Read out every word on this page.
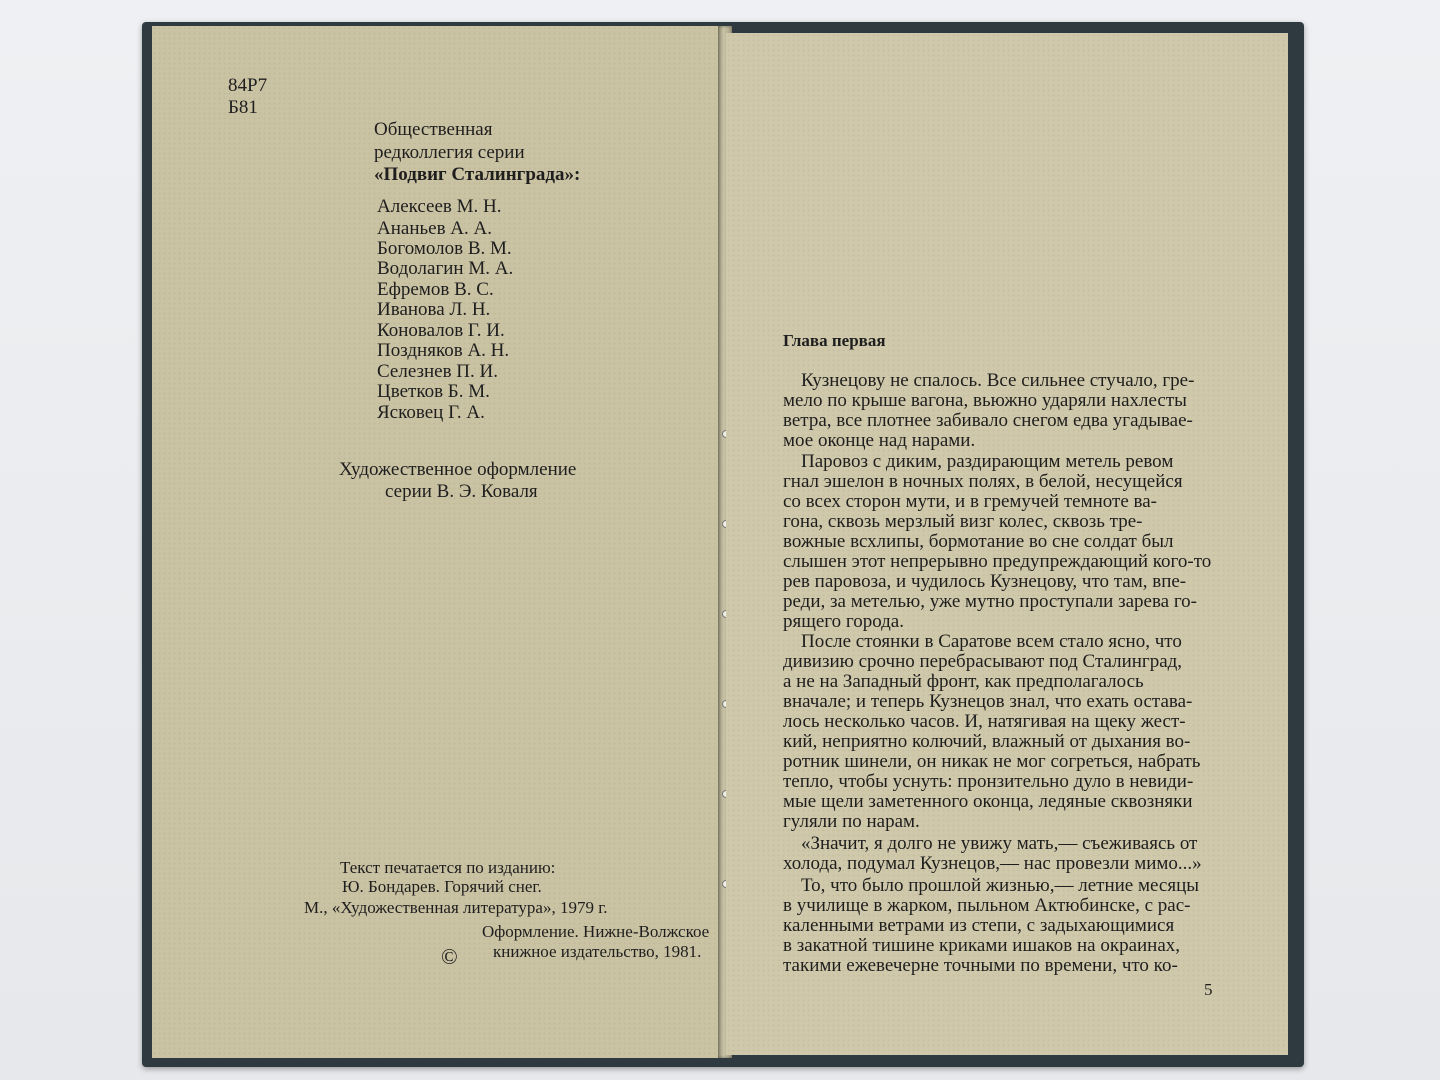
84Р7
Б81
Общественная
редколлегия серии
«Подвиг Сталинграда»:
Алексеев М. Н.
Ананьев А. А.
Богомолов В. М.
Водолагин М. А.
Ефремов В. С.
Иванова Л. Н.
Коновалов Г. И.
Поздняков А. Н.
Селезнев П. И.
Цветков Б. М.
Ясковец Г. А.
Художественное оформление
серии В. Э. Коваля
Текст печатается по изданию:
Ю. Бондарев. Горячий снег.
М., «Художественная литература», 1979 г.
©
Оформление. Нижне-Волжское
книжное издательство, 1981.
Глава первая
Кузнецову не спалось. Все сильнее стучало, гре-
мело по крыше вагона, вьюжно ударяли нахлесты
ветра, все плотнее забивало снегом едва угадывае-
мое оконце над нарами.
Паровоз с диким, раздирающим метель ревом
гнал эшелон в ночных полях, в белой, несущейся
со всех сторон мути, и в гремучей темноте ва-
гона, сквозь мерзлый визг колес, сквозь тре-
вожные всхлипы, бормотание во сне солдат был
слышен этот непрерывно предупреждающий кого-то
рев паровоза, и чудилось Кузнецову, что там, впе-
реди, за метелью, уже мутно проступали зарева го-
рящего города.
После стоянки в Саратове всем стало ясно, что
дивизию срочно перебрасывают под Сталинград,
а не на Западный фронт, как предполагалось
вначале; и теперь Кузнецов знал, что ехать остава-
лось несколько часов. И, натягивая на щеку жест-
кий, неприятно колючий, влажный от дыхания во-
ротник шинели, он никак не мог согреться, набрать
тепло, чтобы уснуть: пронзительно дуло в невиди-
мые щели заметенного оконца, ледяные сквозняки
гуляли по нарам.
«Значит, я долго не увижу мать,— съеживаясь от
холода, подумал Кузнецов,— нас провезли мимо...»
То, что было прошлой жизнью,— летние месяцы
в училище в жарком, пыльном Актюбинске, с рас-
каленными ветрами из степи, с задыхающимися
в закатной тишине криками ишаков на окраинах,
такими ежевечерне точными по времени, что ко-
5
